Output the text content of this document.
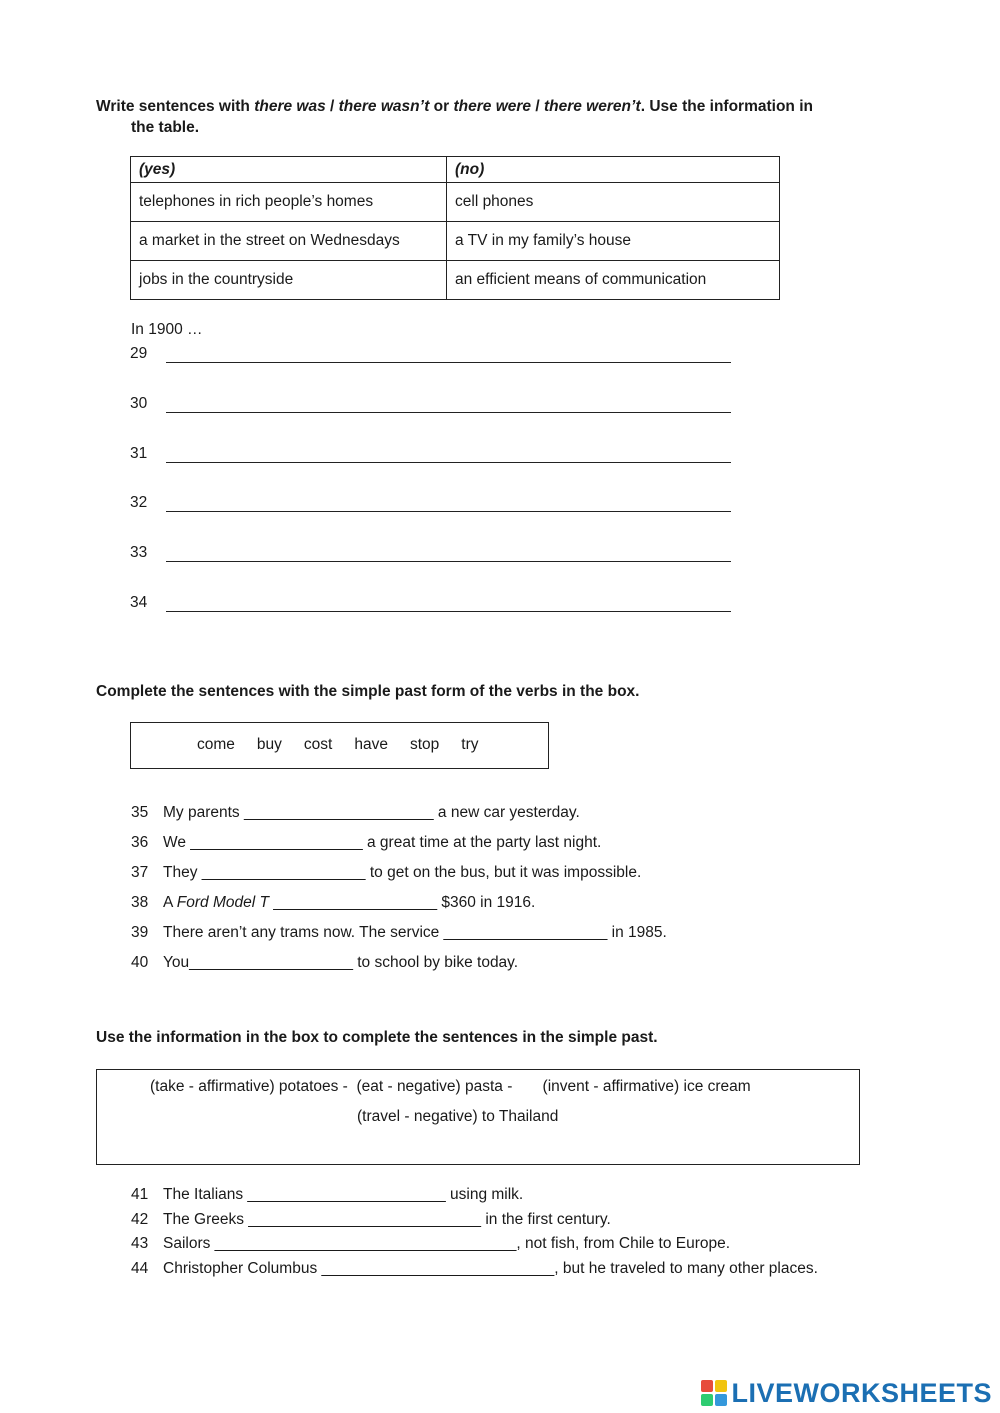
Write sentences with there was / there wasn’t or there were / there weren’t. Use the information in
the table.
(yes)	(no)
telephones in rich people’s homes	cell phones
a market in the street on Wednesdays	a TV in my family’s house
jobs in the countryside	an efficient means of communication
In 1900 …
29
30
31
32
33
34
Complete the sentences with the simple past form of the verbs in the box.
come buy cost have stop try
35 My parents ______________________ a new car yesterday.
36 We ____________________ a great time at the party last night.
37 They ___________________ to get on the bus, but it was impossible.
38 A Ford Model T ___________________ $360 in 1916.
39 There aren’t any trams now. The service ___________________ in 1985.
40 You___________________ to school by bike today.
Use the information in the box to complete the sentences in the simple past.
(take - affirmative) potatoes -  (eat - negative) pasta -       (invent - affirmative) ice cream
(travel - negative) to Thailand
41 The Italians _______________________ using milk.
42 The Greeks ___________________________ in the first century.
43 Sailors ___________________________________, not fish, from Chile to Europe.
44 Christopher Columbus ___________________________, but he traveled to many other places.
LIVEWORKSHEETS
